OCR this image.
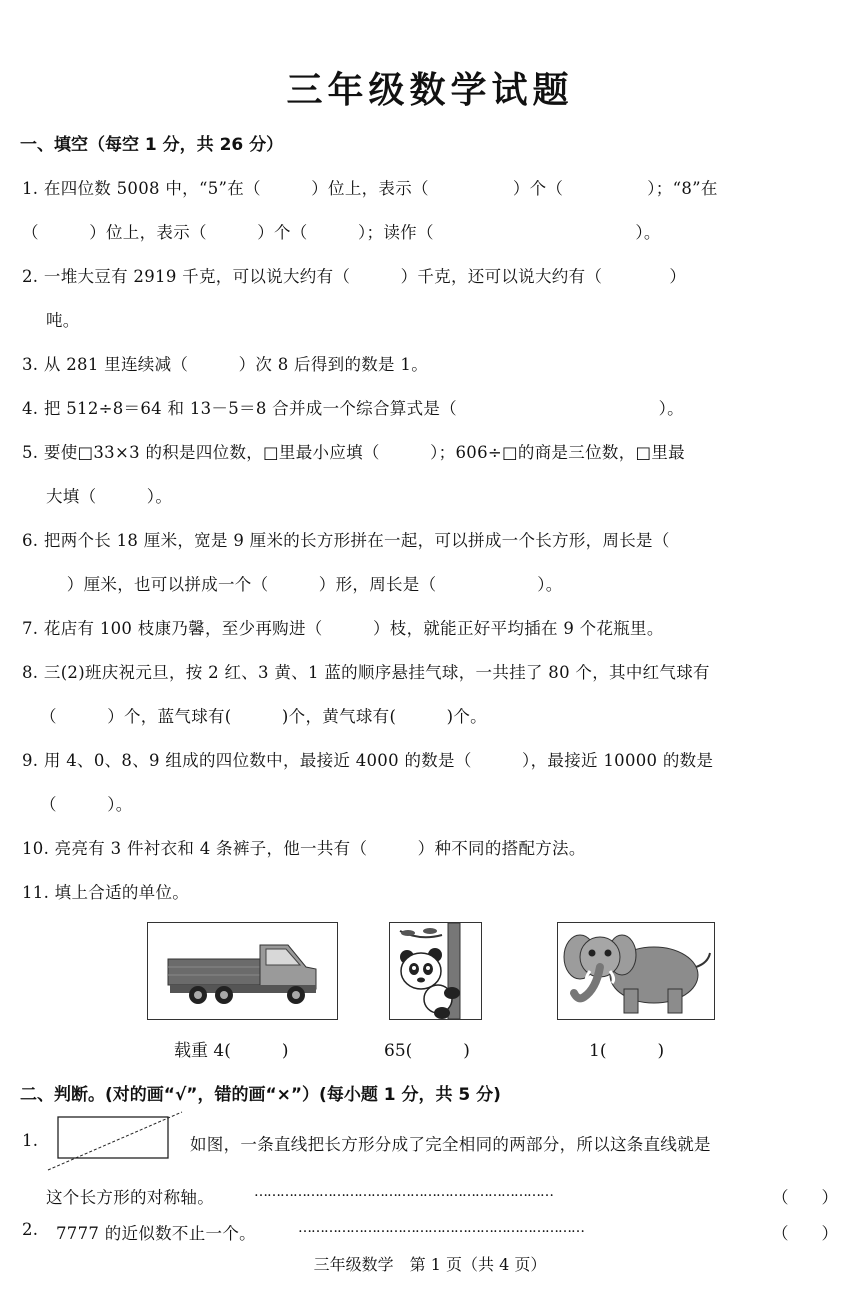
三年级数学试题
一、填空（每空 1 分，共 26 分）
1. 在四位数 5008 中，“5”在（　　　）位上，表示（　　　　　）个（　　　　　）；“8”在
（　　　）位上，表示（　　　）个（　　　）；读作（　　　　　　　　　　　　）。
2. 一堆大豆有 2919 千克，可以说大约有（　　　）千克，还可以说大约有（　　　　）
吨。
3. 从 281 里连续减（　　　）次 8 后得到的数是 1。
4. 把 512÷8＝64 和 13－5＝8 合并成一个综合算式是（　　　　　　　　　　　　）。
5. 要使□33×3 的积是四位数，□里最小应填（　　　）；606÷□的商是三位数，□里最
大填（　　　）。
6. 把两个长 18 厘米，宽是 9 厘米的长方形拼在一起，可以拼成一个长方形，周长是（
　）厘米，也可以拼成一个（　　　）形，周长是（　　　　　　）。
7. 花店有 100 枝康乃馨，至少再购进（　　　）枝，就能正好平均插在 9 个花瓶里。
8. 三(2)班庆祝元旦，按 2 红、3 黄、1 蓝的顺序悬挂气球，一共挂了 80 个，其中红气球有
（　　　）个，蓝气球有(　　　)个，黄气球有(　　　)个。
9. 用 4、0、8、9 组成的四位数中，最接近 4000 的数是（　　　），最接近 10000 的数是
（　　　）。
10. 亮亮有 3 件衬衣和 4 条裤子，他一共有（　　　）种不同的搭配方法。
11. 填上合适的单位。
载重 4(　　　)	65(　　　)	1(　　　)
二、判断。(对的画“√”，错的画“×”）(每小题 1 分，共 5 分)
1.	如图，一条直线把长方形分成了完全相同的两部分，所以这条直线就是
这个长方形的对称轴。	……………………………………………………………	（　　）
2. 7777 的近似数不止一个。	…………………………………………………………	（　　）
三年级数学　第 1 页（共 4 页）
